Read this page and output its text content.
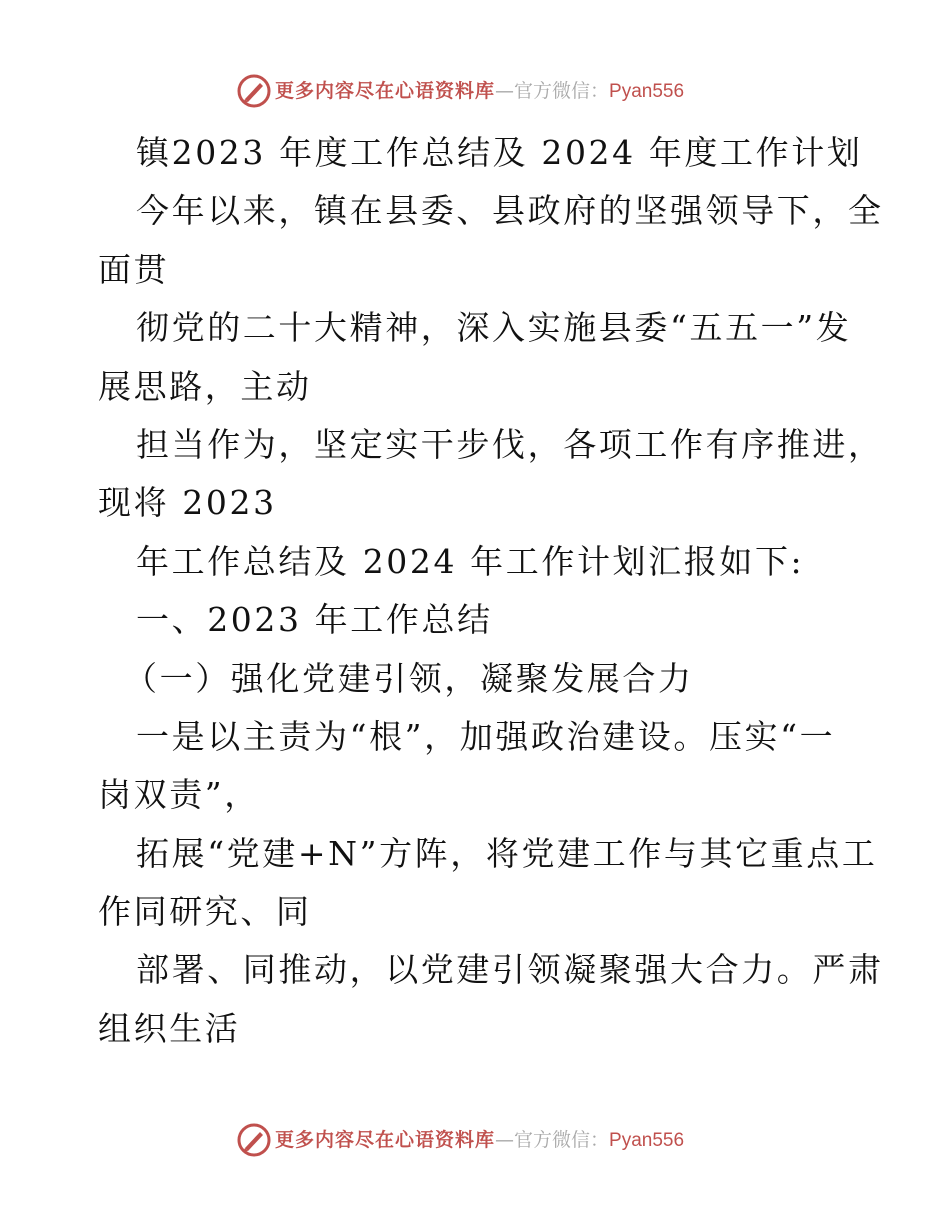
更多内容尽在心语资料库 —官方微信： Pyan556
镇2023 年度工作总结及 2024 年度工作计划
今年以来，镇在县委、县政府的坚强领导下，全
面贯
彻党的二十大精神，深入实施县委“五五一”发
展思路，主动
担当作为，坚定实干步伐，各项工作有序推进，
现将 2023
年工作总结及 2024 年工作计划汇报如下:
一、2023 年工作总结
（一）强化党建引领，凝聚发展合力
一是以主责为“根”，加强政治建设。压实“一
岗双责”，
拓展“党建+N”方阵，将党建工作与其它重点工
作同研究、同
部署、同推动，以党建引领凝聚强大合力。严肃
组织生活
更多内容尽在心语资料库 —官方微信： Pyan556
